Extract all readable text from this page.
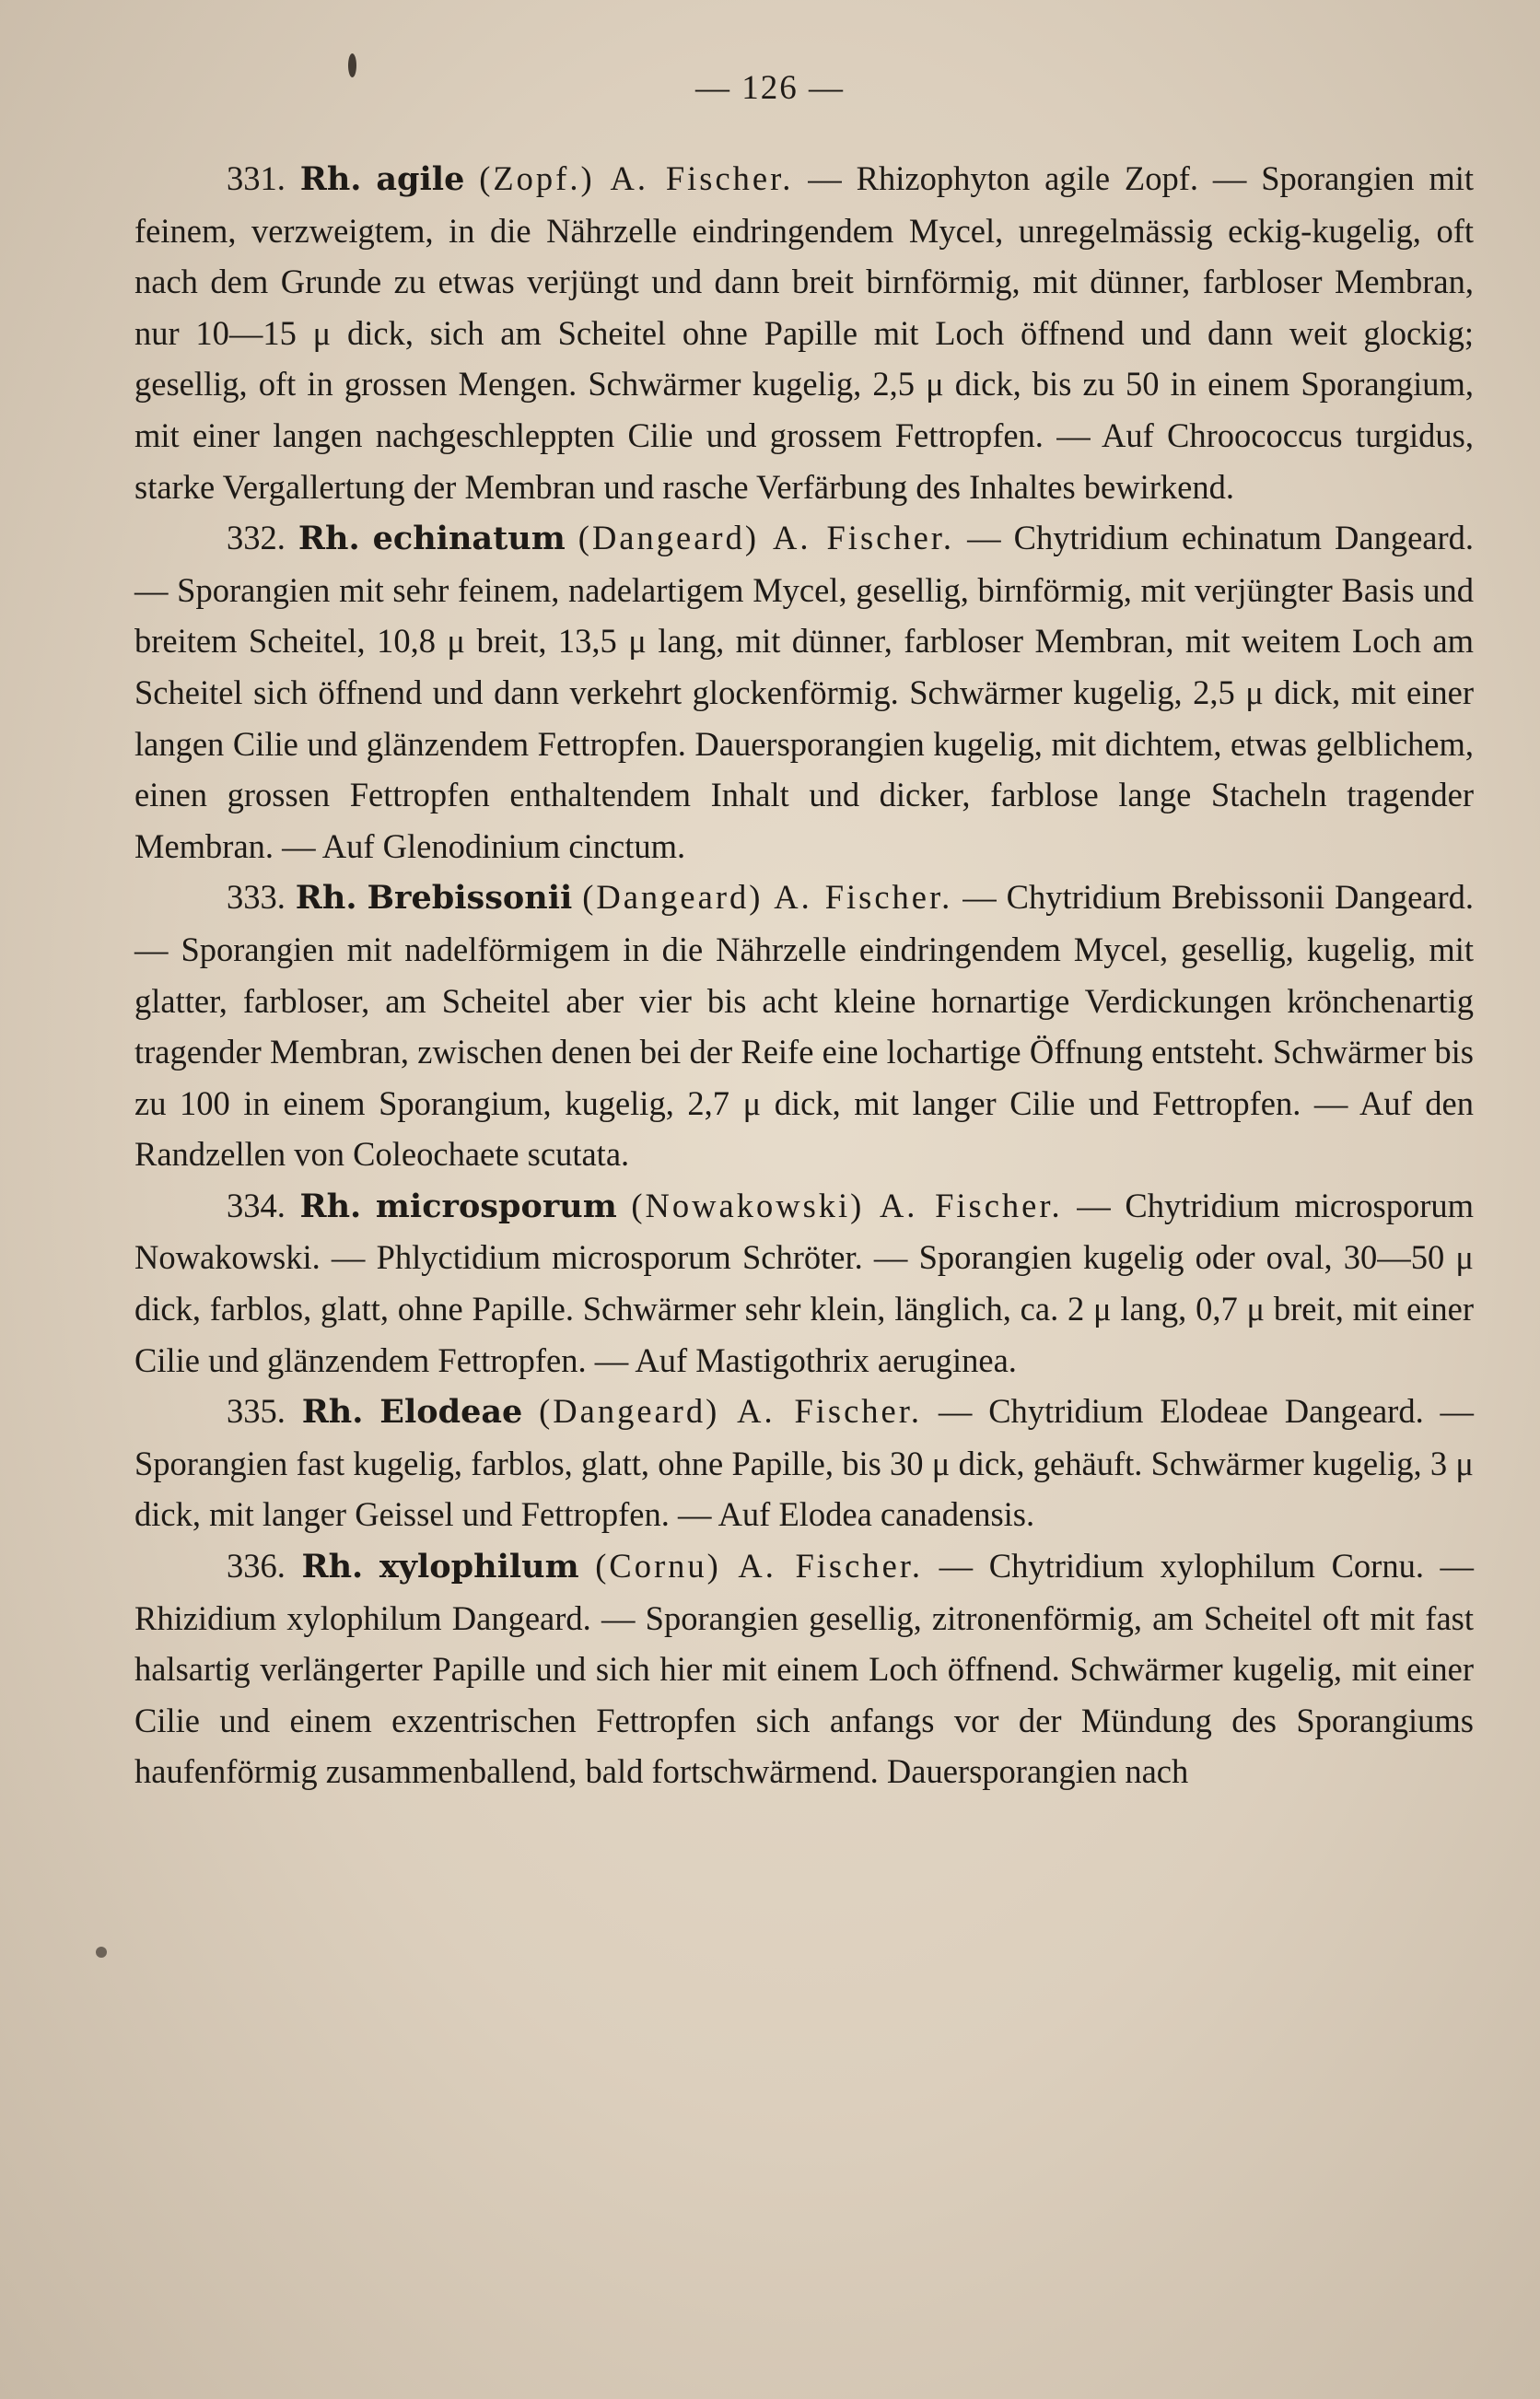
— 126 —

331. Rh. agile (Zopf.) A. Fischer. — Rhizophyton agile Zopf. — Sporangien mit feinem, verzweigtem, in die Nährzelle eindringendem Mycel, unregelmässig eckig-kugelig, oft nach dem Grunde zu etwas verjüngt und dann breit birnförmig, mit dünner, farbloser Membran, nur 10—15 μ dick, sich am Scheitel ohne Papille mit Loch öffnend und dann weit glockig; gesellig, oft in grossen Mengen. Schwärmer kugelig, 2,5 μ dick, bis zu 50 in einem Sporangium, mit einer langen nachgeschleppten Cilie und grossem Fettropfen. — Auf Chroococcus turgidus, starke Vergallertung der Membran und rasche Verfärbung des Inhaltes bewirkend.

332. Rh. echinatum (Dangeard) A. Fischer. — Chytridium echinatum Dangeard. — Sporangien mit sehr feinem, nadelartigem Mycel, gesellig, birnförmig, mit verjüngter Basis und breitem Scheitel, 10,8 μ breit, 13,5 μ lang, mit dünner, farbloser Membran, mit weitem Loch am Scheitel sich öffnend und dann verkehrt glockenförmig. Schwärmer kugelig, 2,5 μ dick, mit einer langen Cilie und glänzendem Fettropfen. Dauersporangien kugelig, mit dichtem, etwas gelblichem, einen grossen Fettropfen enthaltendem Inhalt und dicker, farblose lange Stacheln tragender Membran. — Auf Glenodinium cinctum.

333. Rh. Brebissonii (Dangeard) A. Fischer. — Chytridium Brebissonii Dangeard. — Sporangien mit nadelförmigem in die Nährzelle eindringendem Mycel, gesellig, kugelig, mit glatter, farbloser, am Scheitel aber vier bis acht kleine hornartige Verdickungen krönchenartig tragender Membran, zwischen denen bei der Reife eine lochartige Öffnung entsteht. Schwärmer bis zu 100 in einem Sporangium, kugelig, 2,7 μ dick, mit langer Cilie und Fettropfen. — Auf den Randzellen von Coleochaete scutata.

334. Rh. microsporum (Nowakowski) A. Fischer. — Chytridium microsporum Nowakowski. — Phlyctidium microsporum Schröter. — Sporangien kugelig oder oval, 30—50 μ dick, farblos, glatt, ohne Papille. Schwärmer sehr klein, länglich, ca. 2 μ lang, 0,7 μ breit, mit einer Cilie und glänzendem Fettropfen. — Auf Mastigothrix aeruginea.

335. Rh. Elodeae (Dangeard) A. Fischer. — Chytridium Elodeae Dangeard. — Sporangien fast kugelig, farblos, glatt, ohne Papille, bis 30 μ dick, gehäuft. Schwärmer kugelig, 3 μ dick, mit langer Geissel und Fettropfen. — Auf Elodea canadensis.

336. Rh. xylophilum (Cornu) A. Fischer. — Chytridium xylophilum Cornu. — Rhizidium xylophilum Dangeard. — Sporangien gesellig, zitronenförmig, am Scheitel oft mit fast halsartig verlängerter Papille und sich hier mit einem Loch öffnend. Schwärmer kugelig, mit einer Cilie und einem exzentrischen Fettropfen sich anfangs vor der Mündung des Sporangiums haufenförmig zusammenballend, bald fortschwärmend. Dauersporangien nach
